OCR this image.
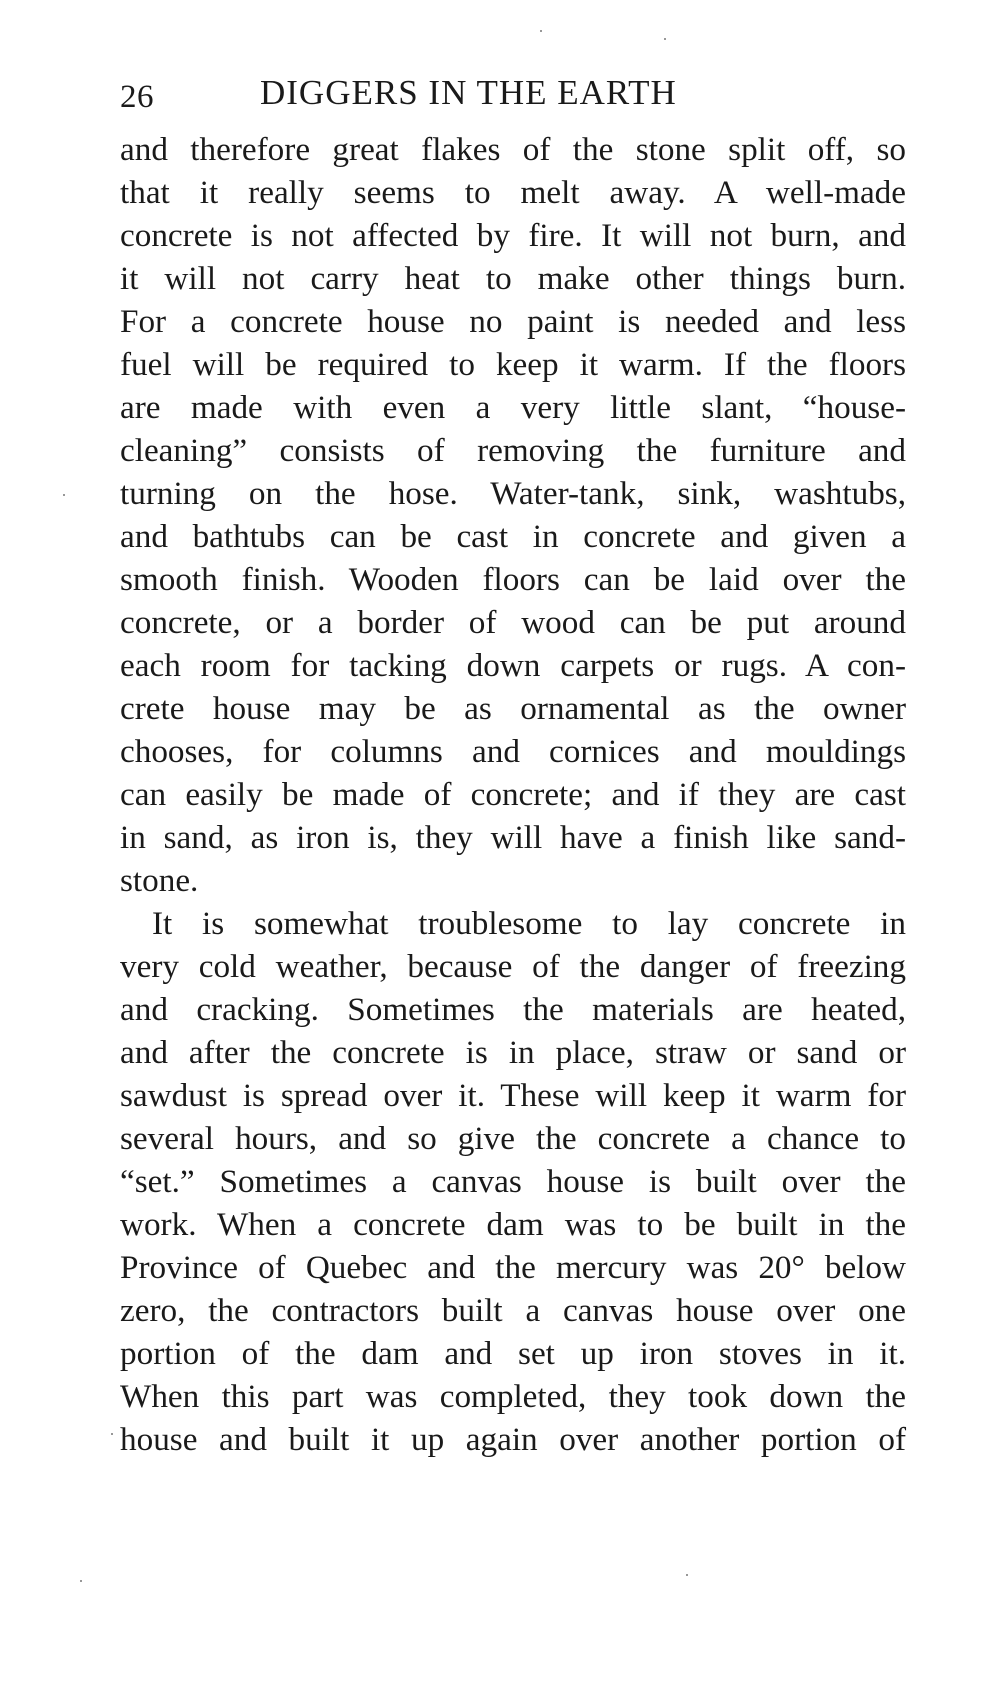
26	DIGGERS IN THE EARTH
and therefore great flakes of the stone split off, so
that it really seems to melt away. A well-made
concrete is not affected by fire. It will not burn, and
it will not carry heat to make other things burn.
For a concrete house no paint is needed and less
fuel will be required to keep it warm. If the floors
are made with even a very little slant, “house-
cleaning” consists of removing the furniture and
turning on the hose. Water-tank, sink, washtubs,
and bathtubs can be cast in concrete and given a
smooth finish. Wooden floors can be laid over the
concrete, or a border of wood can be put around
each room for tacking down carpets or rugs. A con-
crete house may be as ornamental as the owner
chooses, for columns and cornices and mouldings
can easily be made of concrete; and if they are cast
in sand, as iron is, they will have a finish like sand-
stone.
It is somewhat troublesome to lay concrete in
very cold weather, because of the danger of freezing
and cracking. Sometimes the materials are heated,
and after the concrete is in place, straw or sand or
sawdust is spread over it. These will keep it warm for
several hours, and so give the concrete a chance to
“set.” Sometimes a canvas house is built over the
work. When a concrete dam was to be built in the
Province of Quebec and the mercury was 20° below
zero, the contractors built a canvas house over one
portion of the dam and set up iron stoves in it.
When this part was completed, they took down the
house and built it up again over another portion of
